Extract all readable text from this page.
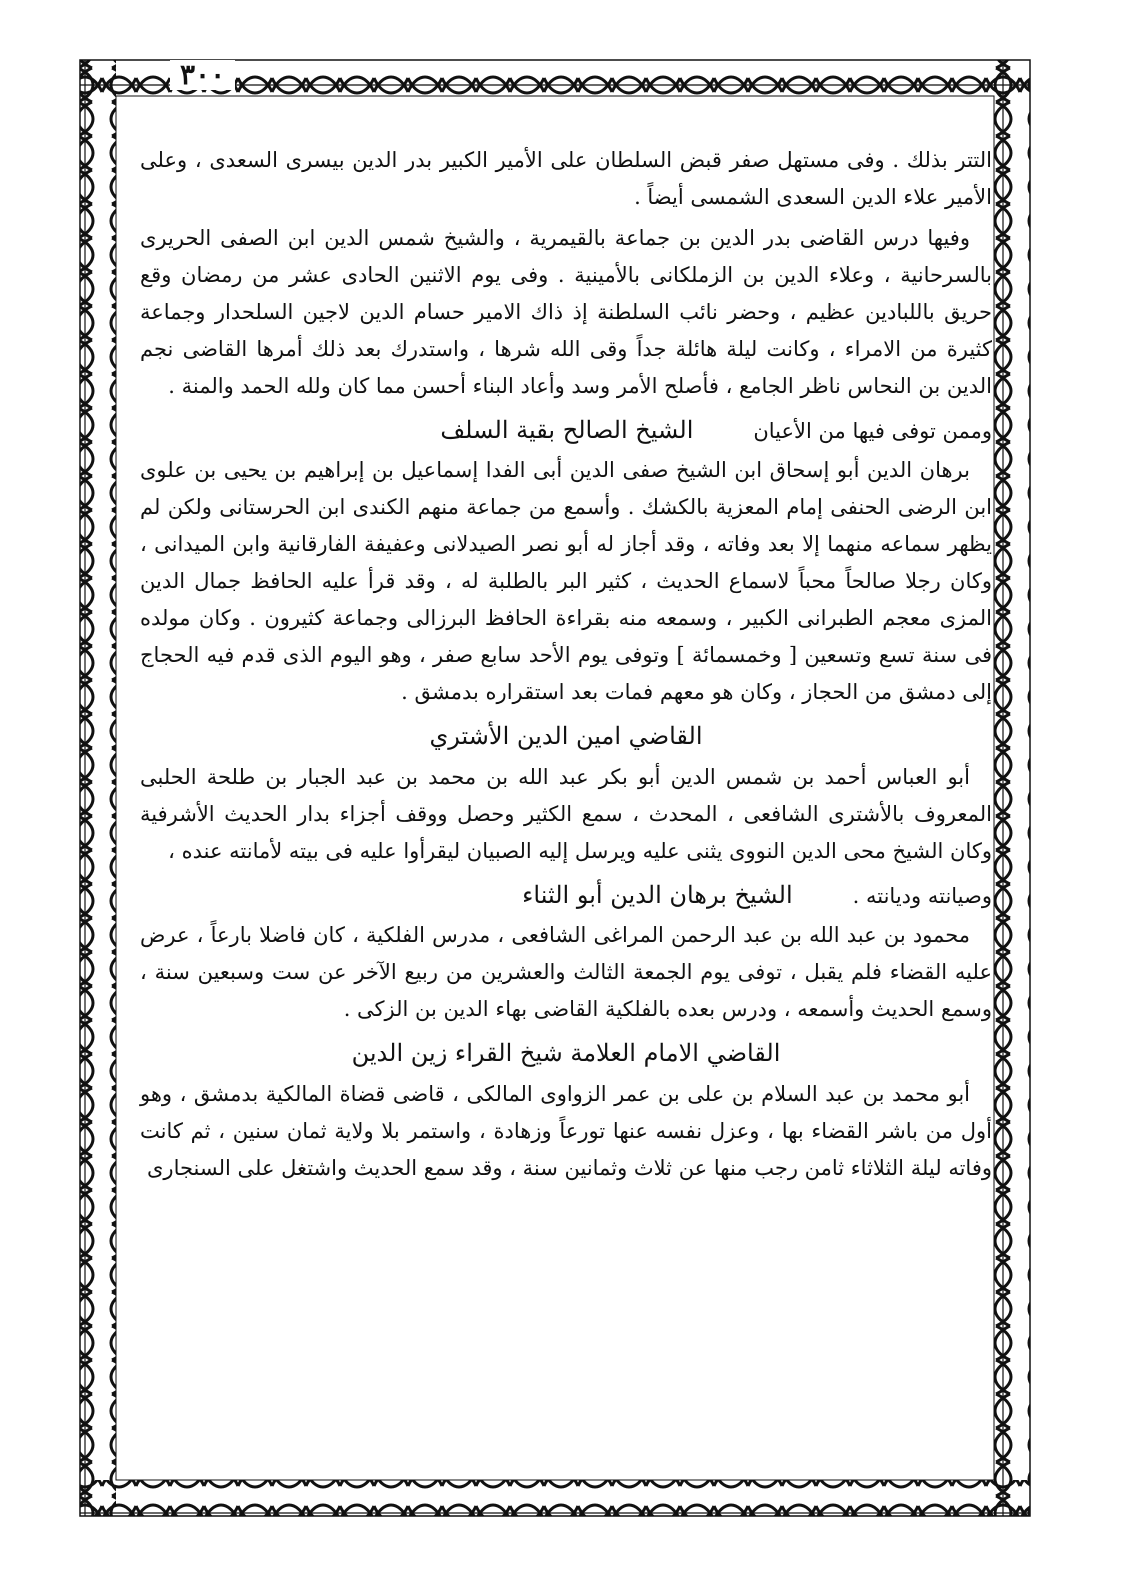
٣٠٠

التتر بذلك . وفى مستهل صفر قبض السلطان على الأمير الكبير بدر الدين بيسرى السعدى ، وعلى الأمير علاء الدين السعدى الشمسى أيضاً .

وفيها درس القاضى بدر الدين بن جماعة بالقيمرية ، والشيخ شمس الدين ابن الصفى الحريرى بالسرحانية ، وعلاء الدين بن الزملكانى بالأمينية . وفى يوم الاثنين الحادى عشر من رمضان وقع حريق باللبادين عظيم ، وحضر نائب السلطنة إذ ذاك الامير حسام الدين لاجين السلحدار وجماعة كثيرة من الامراء ، وكانت ليلة هائلة جداً وقى الله شرها ، واستدرك بعد ذلك أمرها القاضى نجم الدين بن النحاس ناظر الجامع ، فأصلح الأمر وسد وأعاد البناء أحسن مما كان ولله الحمد والمنة .

وممن توفى فيها من الأعيان
الشيخ الصالح بقية السلف

برهان الدين أبو إسحاق ابن الشيخ صفى الدين أبى الفدا إسماعيل بن إبراهيم بن يحيى بن علوى ابن الرضى الحنفى إمام المعزية بالكشك . وأسمع من جماعة منهم الكندى ابن الحرستانى ولكن لم يظهر سماعه منهما إلا بعد وفاته ، وقد أجاز له أبو نصر الصيدلانى وعفيفة الفارقانية وابن الميدانى ، وكان رجلا صالحاً محباً لاسماع الحديث ، كثير البر بالطلبة له ، وقد قرأ عليه الحافظ جمال الدين المزى معجم الطبرانى الكبير ، وسمعه منه بقراءة الحافظ البرزالى وجماعة كثيرون . وكان مولده فى سنة تسع وتسعين [ وخمسمائة ] وتوفى يوم الأحد سابع صفر ، وهو اليوم الذى قدم فيه الحجاج إلى دمشق من الحجاز ، وكان هو معهم فمات بعد استقراره بدمشق .

القاضي امين الدين الأشتري

أبو العباس أحمد بن شمس الدين أبو بكر عبد الله بن محمد بن عبد الجبار بن طلحة الحلبى المعروف بالأشترى الشافعى ، المحدث ، سمع الكثير وحصل ووقف أجزاء بدار الحديث الأشرفية وكان الشيخ محى الدين النووى يثنى عليه ويرسل إليه الصبيان ليقرأوا عليه فى بيته لأمانته عنده ،

وصيانته وديانته .
الشيخ برهان الدين أبو الثناء

محمود بن عبد الله بن عبد الرحمن المراغى الشافعى ، مدرس الفلكية ، كان فاضلا بارعاً ، عرض عليه القضاء فلم يقبل ، توفى يوم الجمعة الثالث والعشرين من ربيع الآخر عن ست وسبعين سنة ، وسمع الحديث وأسمعه ، ودرس بعده بالفلكية القاضى بهاء الدين بن الزكى .

القاضي الامام العلامة شيخ القراء زين الدين

أبو محمد بن عبد السلام بن على بن عمر الزواوى المالكى ، قاضى قضاة المالكية بدمشق ، وهو أول من باشر القضاء بها ، وعزل نفسه عنها تورعاً وزهادة ، واستمر بلا ولاية ثمان سنين ، ثم كانت وفاته ليلة الثلاثاء ثامن رجب منها عن ثلاث وثمانين سنة ، وقد سمع الحديث واشتغل على السنجارى
